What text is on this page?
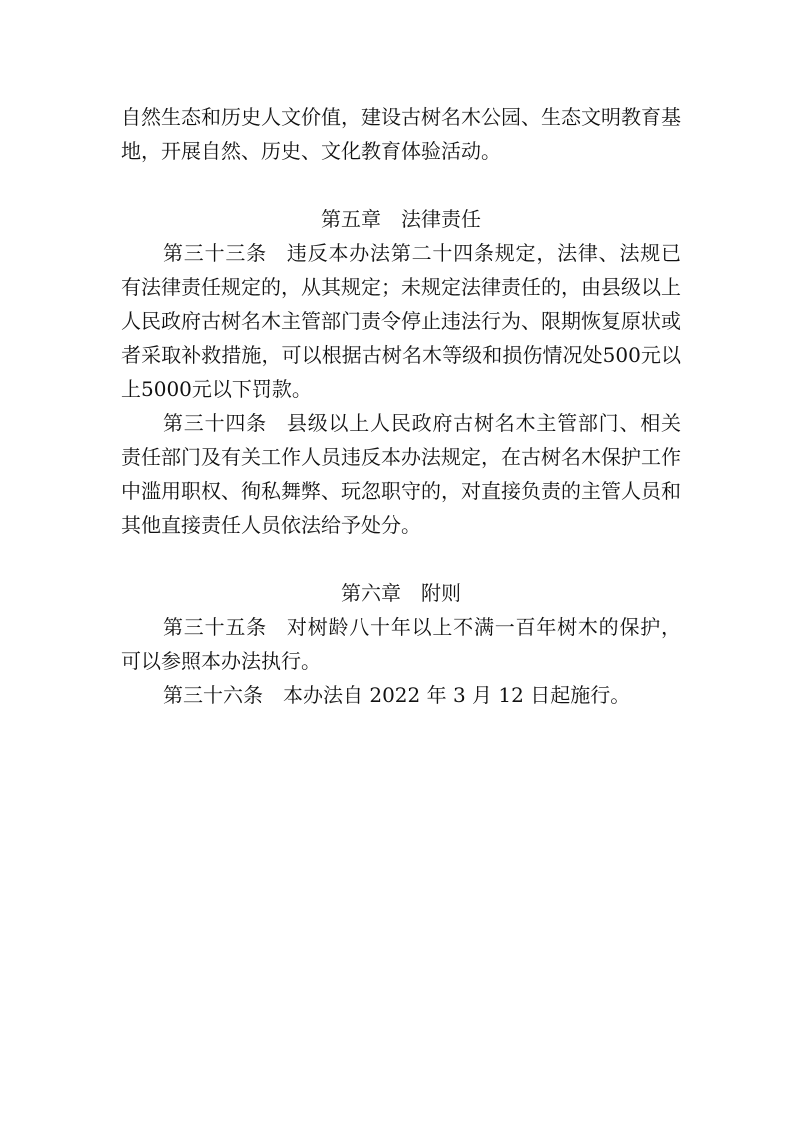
自然生态和历史人文价值，建设古树名木公园、生态文明教育基地，开展自然、历史、文化教育体验活动。

第五章 法律责任

第三十三条 违反本办法第二十四条规定，法律、法规已有法律责任规定的，从其规定；未规定法律责任的，由县级以上人民政府古树名木主管部门责令停止违法行为、限期恢复原状或者采取补救措施，可以根据古树名木等级和损伤情况处500元以上5000元以下罚款。

第三十四条 县级以上人民政府古树名木主管部门、相关责任部门及有关工作人员违反本办法规定，在古树名木保护工作中滥用职权、徇私舞弊、玩忽职守的，对直接负责的主管人员和其他直接责任人员依法给予处分。

第六章 附则

第三十五条 对树龄八十年以上不满一百年树木的保护，可以参照本办法执行。

第三十六条 本办法自 2022 年 3 月 12 日起施行。
